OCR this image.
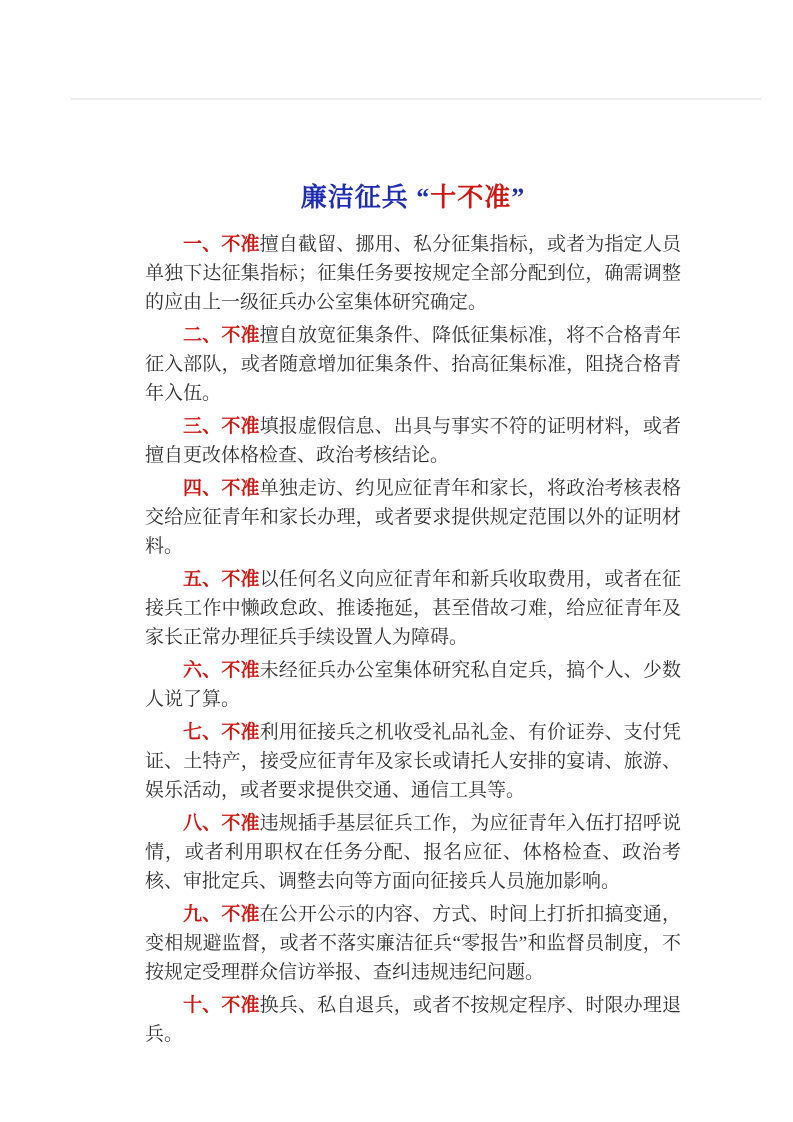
廉洁征兵 “十不准”

一、不准擅自截留、挪用、私分征集指标，或者为指定人员单独下达征集指标；征集任务要按规定全部分配到位，确需调整的应由上一级征兵办公室集体研究确定。

二、不准擅自放宽征集条件、降低征集标准，将不合格青年征入部队，或者随意增加征集条件、抬高征集标准，阻挠合格青年入伍。

三、不准填报虚假信息、出具与事实不符的证明材料，或者擅自更改体格检查、政治考核结论。

四、不准单独走访、约见应征青年和家长，将政治考核表格交给应征青年和家长办理，或者要求提供规定范围以外的证明材料。

五、不准以任何名义向应征青年和新兵收取费用，或者在征接兵工作中懒政怠政、推诿拖延，甚至借故刁难，给应征青年及家长正常办理征兵手续设置人为障碍。

六、不准未经征兵办公室集体研究私自定兵，搞个人、少数人说了算。

七、不准利用征接兵之机收受礼品礼金、有价证券、支付凭证、土特产，接受应征青年及家长或请托人安排的宴请、旅游、娱乐活动，或者要求提供交通、通信工具等。

八、不准违规插手基层征兵工作，为应征青年入伍打招呼说情，或者利用职权在任务分配、报名应征、体格检查、政治考核、审批定兵、调整去向等方面向征接兵人员施加影响。

九、不准在公开公示的内容、方式、时间上打折扣搞变通，变相规避监督，或者不落实廉洁征兵“零报告”和监督员制度，不按规定受理群众信访举报、查纠违规违纪问题。

十、不准换兵、私自退兵，或者不按规定程序、时限办理退兵。
